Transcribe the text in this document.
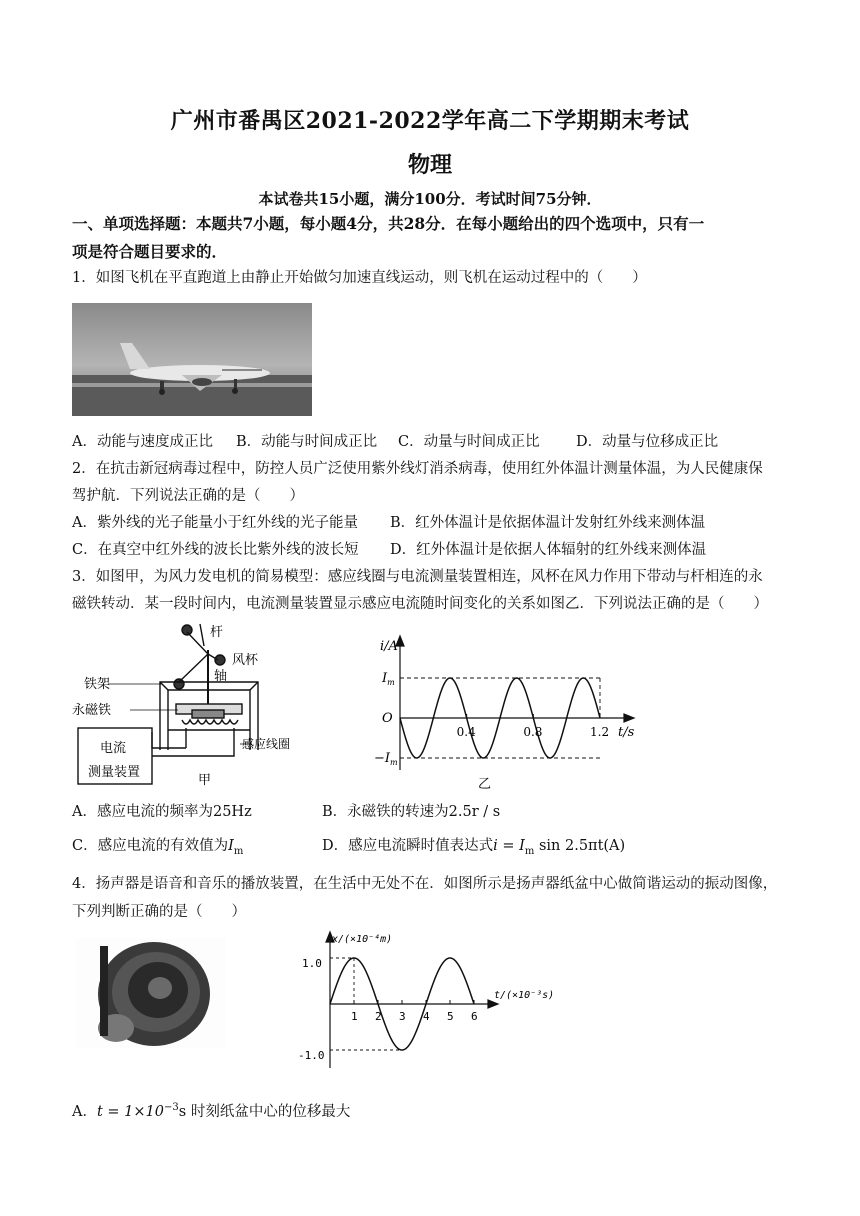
广州市番禺区2021-2022学年高二下学期期末考试
物理
本试卷共15小题，满分100分．考试时间75分钟．
一、单项选择题：本题共7小题，每小题4分，共28分．在每小题给出的四个选项中，只有一
项是符合题目要求的．
1．如图飞机在平直跑道上由静止开始做匀加速直线运动，则飞机在运动过程中的（　　）
A．动能与速度成正比 B．动能与时间成正比 C．动量与时间成正比	D．动量与位移成正比
2．在抗击新冠病毒过程中，防控人员广泛使用紫外线灯消杀病毒，使用红外体温计测量体温，为人民健康保
驾护航．下列说法正确的是（　　）
A．紫外线的光子能量小于红外线的光子能量 B．红外体温计是依据体温计发射红外线来测体温
C．在真空中红外线的波长比紫外线的波长短 D．红外体温计是依据人体辐射的红外线来测体温
3．如图甲，为风力发电机的简易模型：感应线圈与电流测量装置相连，风杯在风力作用下带动与杆相连的永
磁铁转动．某一段时间内，电流测量装置显示感应电流随时间变化的关系如图乙．下列说法正确的是（　　）
杆
风杯
轴
铁架
永磁铁
感应线圈
电流
测量装置
甲
i/A
$I_m$
$-I_m$
O
0.4	0.8	1.2 t/s
乙
A．感应电流的频率为25Hz	B．永磁铁的转速为2.5r / s
C．感应电流的有效值为$I_m$	D．感应电流瞬时值表达式$i = I_m$ sin 2.5πt(A)
4．扬声器是语音和音乐的播放装置，在生活中无处不在．如图所示是扬声器纸盆中心做简谐运动的振动图像，
下列判断正确的是（　　）
x/(×10⁻⁴m)
1.0
-1.0
1 2 3 4 5 6
t/(×10⁻³s)
A．$t = 1\times 10^{-3}s$ 时刻纸盆中心的位移最大
